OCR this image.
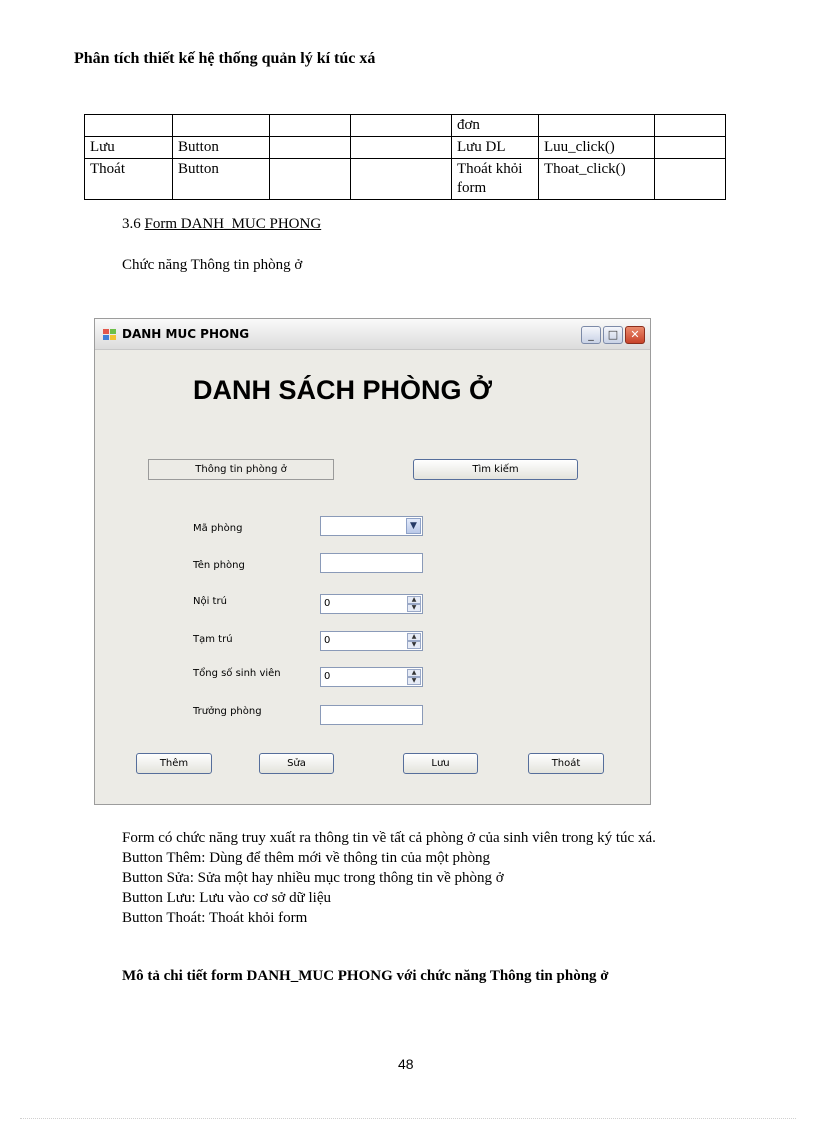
Phân tích thiết kế hệ thống quản lý kí túc xá
				đơn		
Lưu	Button			Lưu DL	Luu_click()	
Thoát	Button			Thoát khỏi form	Thoat_click()	
3.6 Form DANH_MUC PHONG
Chức năng Thông tin phòng ở
DANH MUC PHONG	_	□	✕
DANH SÁCH PHÒNG Ở
Thông tin phòng ở	Tìm kiếm
Mã phòng	▼
Tên phòng
Nội trú	0	▲
▼
Tạm trú	0	▲
▼
Tổng số sinh viên	0	▲
▼
Trưởng phòng
Thêm	Sửa	Lưu	Thoát
Form có chức năng truy xuất ra thông tin về tất cả phòng ở của sinh viên trong ký túc xá.
Button Thêm: Dùng để thêm mới về thông tin của một phòng
Button Sửa: Sửa một hay nhiều mục trong thông tin về phòng ở
Button Lưu: Lưu vào cơ sở dữ liệu
Button Thoát: Thoát khỏi form
Mô tả chi tiết form DANH_MUC PHONG với chức năng Thông tin phòng ở
48
